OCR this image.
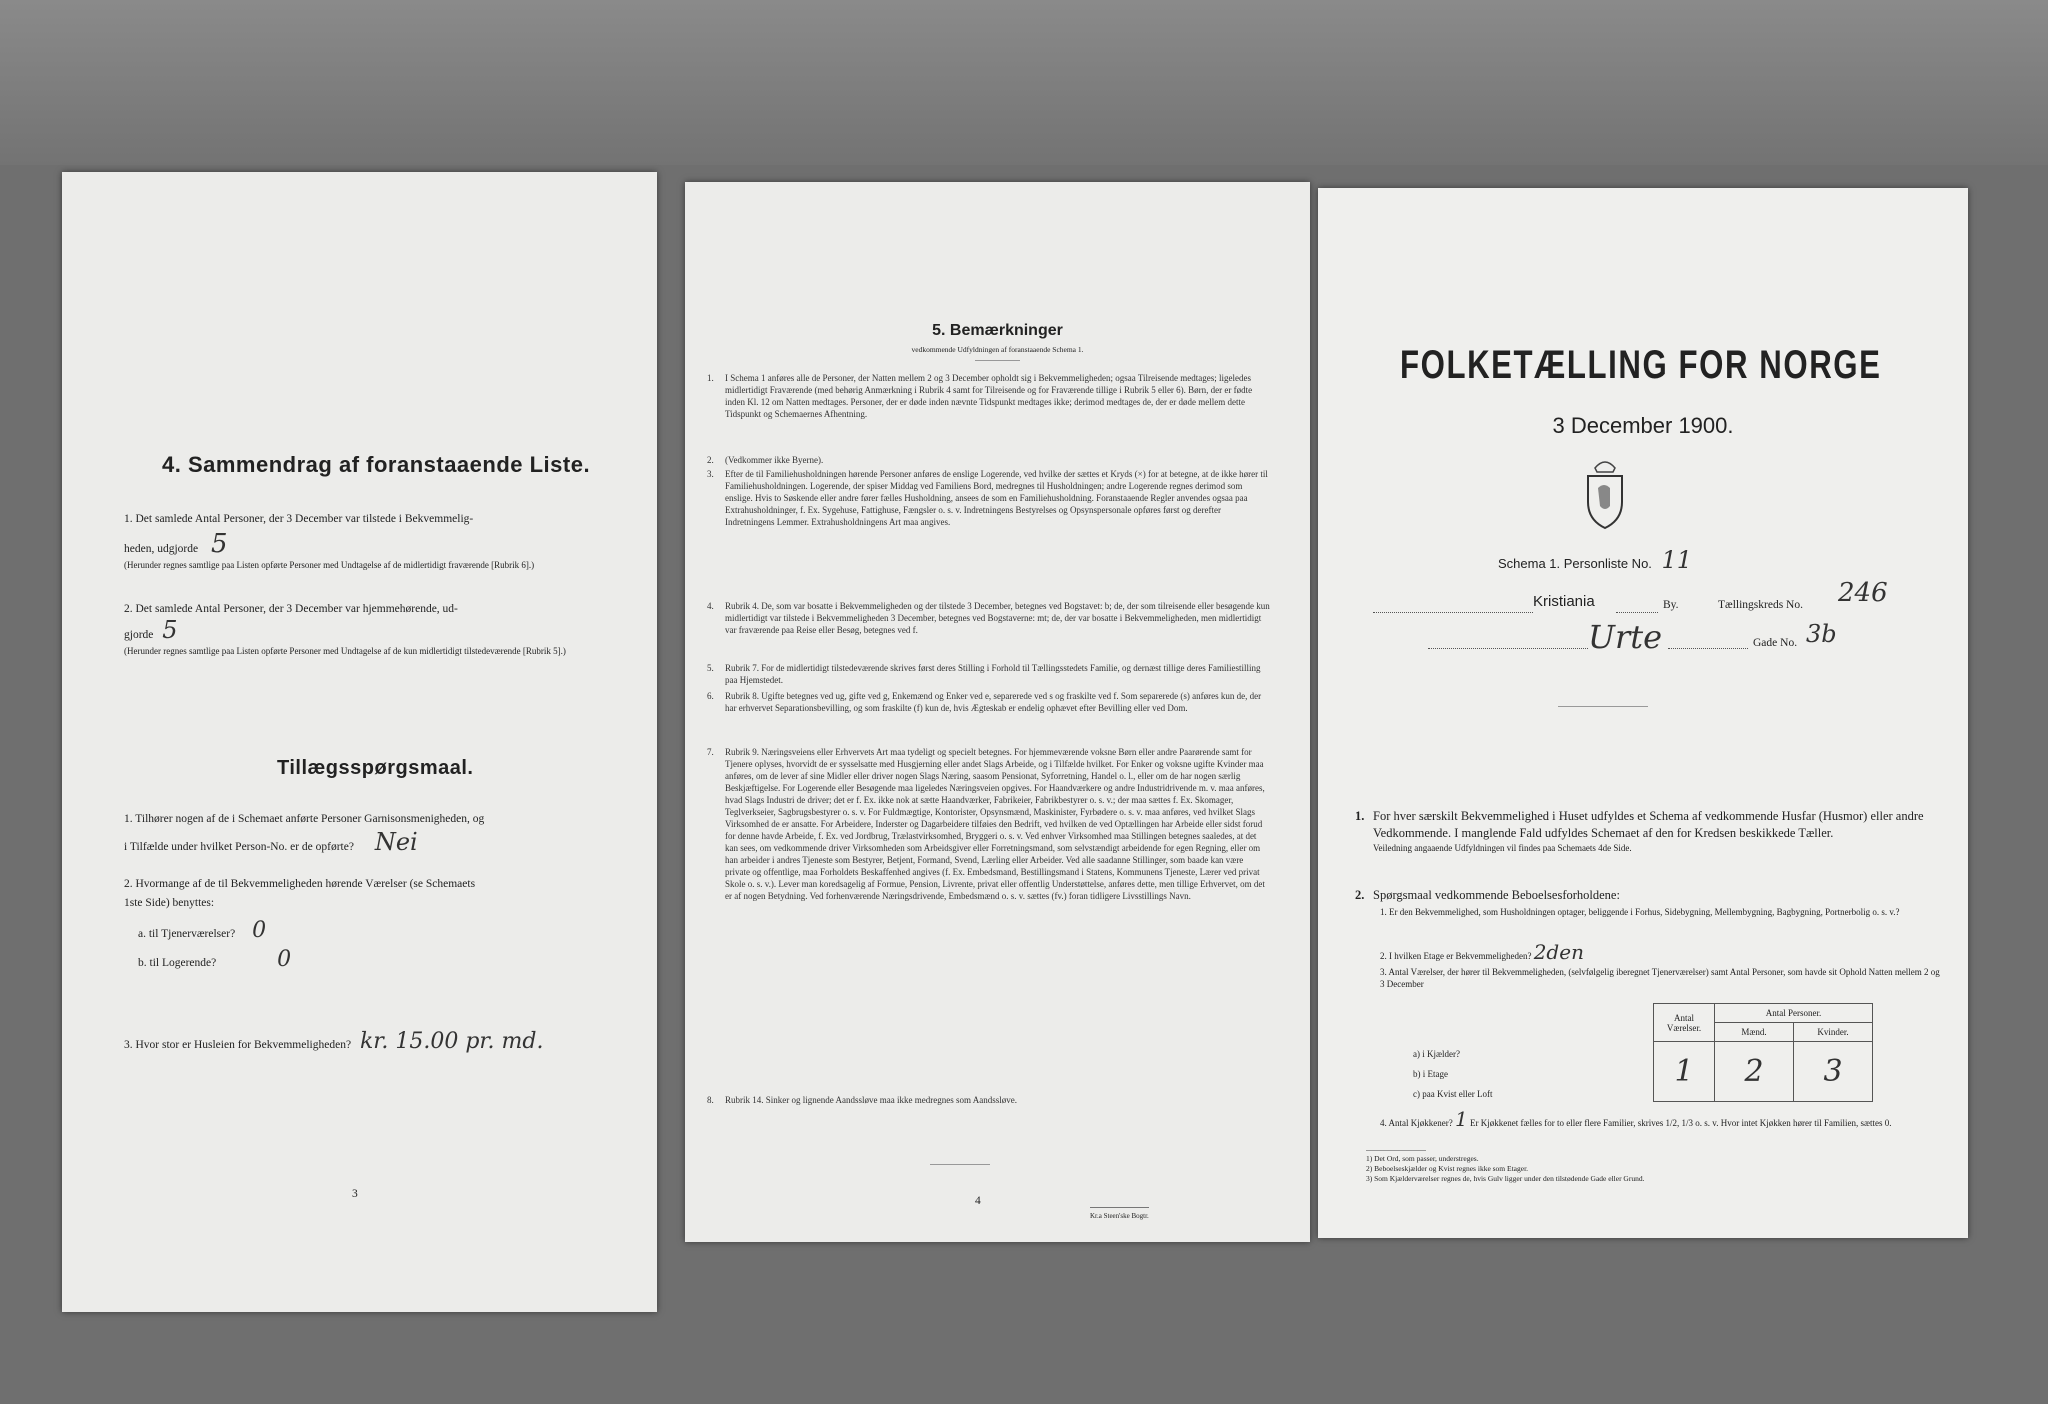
4. Sammendrag af foranstaaende Liste.
1. Det samlede Antal Personer, der 3 December var tilstede i Bekvemmelig-
heden, udgjorde 5
(Herunder regnes samtlige paa Listen opførte Personer med Undtagelse af de midlertidigt fraværende [Rubrik 6].)
2. Det samlede Antal Personer, der 3 December var hjemmehørende, ud-
gjorde 5
(Herunder regnes samtlige paa Listen opførte Personer med Undtagelse af de kun midlertidigt tilstedeværende [Rubrik 5].)
Tillægsspørgsmaal.
1. Tilhører nogen af de i Schemaet anførte Personer Garnisonsmenigheden, og
i Tilfælde under hvilket Person-No. er de opførte? Nei
2. Hvormange af de til Bekvemmeligheden hørende Værelser (se Schemaets
1ste Side) benyttes:
a. til Tjenerværelser? 0
b. til Logerende?	0
3. Hvor stor er Husleien for Bekvemmeligheden? kr. 15.00 pr. md.
3
5. Bemærkninger
vedkommende Udfyldningen af foranstaaende Schema 1.
1. I Schema 1 anføres alle de Personer, der Natten mellem 2 og 3 December opholdt sig i Bekvemmeligheden; ogsaa Tilreisende medtages; ligeledes midlertidigt Fraværende (med behørig Anmærkning i Rubrik 4 samt for Tilreisende og for Fraværende tillige i Rubrik 5 eller 6). Børn, der er fødte inden Kl. 12 om Natten medtages. Personer, der er døde inden nævnte Tidspunkt medtages ikke; derimod medtages de, der er døde mellem dette Tidspunkt og Schemaernes Afhentning.
2. (Vedkommer ikke Byerne).
3. Efter de til Familiehusholdningen hørende Personer anføres de enslige Logerende, ved hvilke der sættes et Kryds (×) for at betegne, at de ikke hører til Familiehusholdningen. Logerende, der spiser Middag ved Familiens Bord, medregnes til Husholdningen; andre Logerende regnes derimod som enslige. Hvis to Søskende eller andre fører fælles Husholdning, ansees de som en Familiehusholdning. Foranstaaende Regler anvendes ogsaa paa Extrahusholdninger, f. Ex. Sygehuse, Fattighuse, Fængsler o. s. v. Indretningens Bestyrelses og Opsynspersonale opføres først og derefter Indretningens Lemmer. Extrahusholdningens Art maa angives.
4. Rubrik 4. De, som var bosatte i Bekvemmeligheden og der tilstede 3 December, betegnes ved Bogstavet: b; de, der som tilreisende eller besøgende kun midlertidigt var tilstede i Bekvemmeligheden 3 December, betegnes ved Bogstaverne: mt; de, der var bosatte i Bekvemmeligheden, men midlertidigt var fraværende paa Reise eller Besøg, betegnes ved f.
5. Rubrik 7. For de midlertidigt tilstedeværende skrives først deres Stilling i Forhold til Tællingsstedets Familie, og dernæst tillige deres Familiestilling paa Hjemstedet.
6. Rubrik 8. Ugifte betegnes ved ug, gifte ved g, Enkemænd og Enker ved e, separerede ved s og fraskilte ved f. Som separerede (s) anføres kun de, der har erhvervet Separationsbevilling, og som fraskilte (f) kun de, hvis Ægteskab er endelig ophævet efter Bevilling eller ved Dom.
7. Rubrik 9. Næringsveiens eller Erhvervets Art maa tydeligt og specielt betegnes. For hjemmeværende voksne Børn eller andre Paarørende samt for Tjenere oplyses, hvorvidt de er sysselsatte med Husgjerning eller andet Slags Arbeide, og i Tilfælde hvilket. For Enker og voksne ugifte Kvinder maa anføres, om de lever af sine Midler eller driver nogen Slags Næring, saasom Pensionat, Syforretning, Handel o. l., eller om de har nogen særlig Beskjæftigelse. For Logerende eller Besøgende maa ligeledes Næringsveien opgives. For Haandværkere og andre Industridrivende m. v. maa anføres, hvad Slags Industri de driver; det er f. Ex. ikke nok at sætte Haandværker, Fabrikeier, Fabrikbestyrer o. s. v.; der maa sættes f. Ex. Skomager, Teglverkseier, Sagbrugsbestyrer o. s. v. For Fuldmægtige, Kontorister, Opsynsmænd, Maskinister, Fyrbødere o. s. v. maa anføres, ved hvilket Slags Virksomhed de er ansatte. For Arbeidere, Inderster og Dagarbeidere tilføies den Bedrift, ved hvilken de ved Optællingen har Arbeide eller sidst forud for denne havde Arbeide, f. Ex. ved Jordbrug, Trælastvirksomhed, Bryggeri o. s. v. Ved enhver Virksomhed maa Stillingen betegnes saaledes, at det kan sees, om vedkommende driver Virksomheden som Arbeidsgiver eller Forretningsmand, som selvstændigt arbeidende for egen Regning, eller om han arbeider i andres Tjeneste som Bestyrer, Betjent, Formand, Svend, Lærling eller Arbeider. Ved alle saadanne Stillinger, som baade kan være private og offentlige, maa Forholdets Beskaffenhed angives (f. Ex. Embedsmand, Bestillingsmand i Statens, Kommunens Tjeneste, Lærer ved privat Skole o. s. v.). Lever man koredsagelig af Formue, Pension, Livrente, privat eller offentlig Understøttelse, anføres dette, men tillige Erhvervet, om det er af nogen Betydning. Ved forhenværende Næringsdrivende, Embedsmænd o. s. v. sættes (fv.) foran tidligere Livsstillings Navn.
8. Rubrik 14. Sinker og lignende Aandssløve maa ikke medregnes som Aandssløve.
4
Kr.a Steen'ske Bogtr.
FOLKETÆLLING FOR NORGE
3 December 1900.
Schema 1. Personliste No. 11
Kristiania	By.	Tællingskreds No. 246
Urte	Gade No. 3b
1. For hver særskilt Bekvemmelighed i Huset udfyldes et Schema af vedkommende Husfar (Husmor) eller andre Vedkommende. I manglende Fald udfyldes Schemaet af den for Kredsen beskikkede Tæller.
Veiledning angaaende Udfyldningen vil findes paa Schemaets 4de Side.
2. Spørgsmaal vedkommende Beboelsesforholdene:
1. Er den Bekvemmelighed, som Husholdningen optager, beliggende i Forhus, Sidebygning, Mellembygning, Bagbygning, Portnerbolig o. s. v.?
2. I hvilken Etage er Bekvemmeligheden? 2den
3. Antal Værelser, der hører til Bekvemmeligheden, (selvfølgelig iberegnet Tjenerværelser) samt Antal Personer, som havde sit Ophold Natten mellem 2 og 3 December
Antal Værelser.	Antal Personer.	
	Mænd.	Kvinder.
1	2	3
a) i Kjælder?
b) i Etage
c) paa Kvist eller Loft
4. Antal Kjøkkener? 1 Er Kjøkkenet fælles for to eller flere Familier, skrives 1/2, 1/3 o. s. v. Hvor intet Kjøkken hører til Familien, sættes 0.
1) Det Ord, som passer, understreges.
2) Beboelseskjælder og Kvist regnes ikke som Etager.
3) Som Kjælderværelser regnes de, hvis Gulv ligger under den tilstødende Gade eller Grund.
